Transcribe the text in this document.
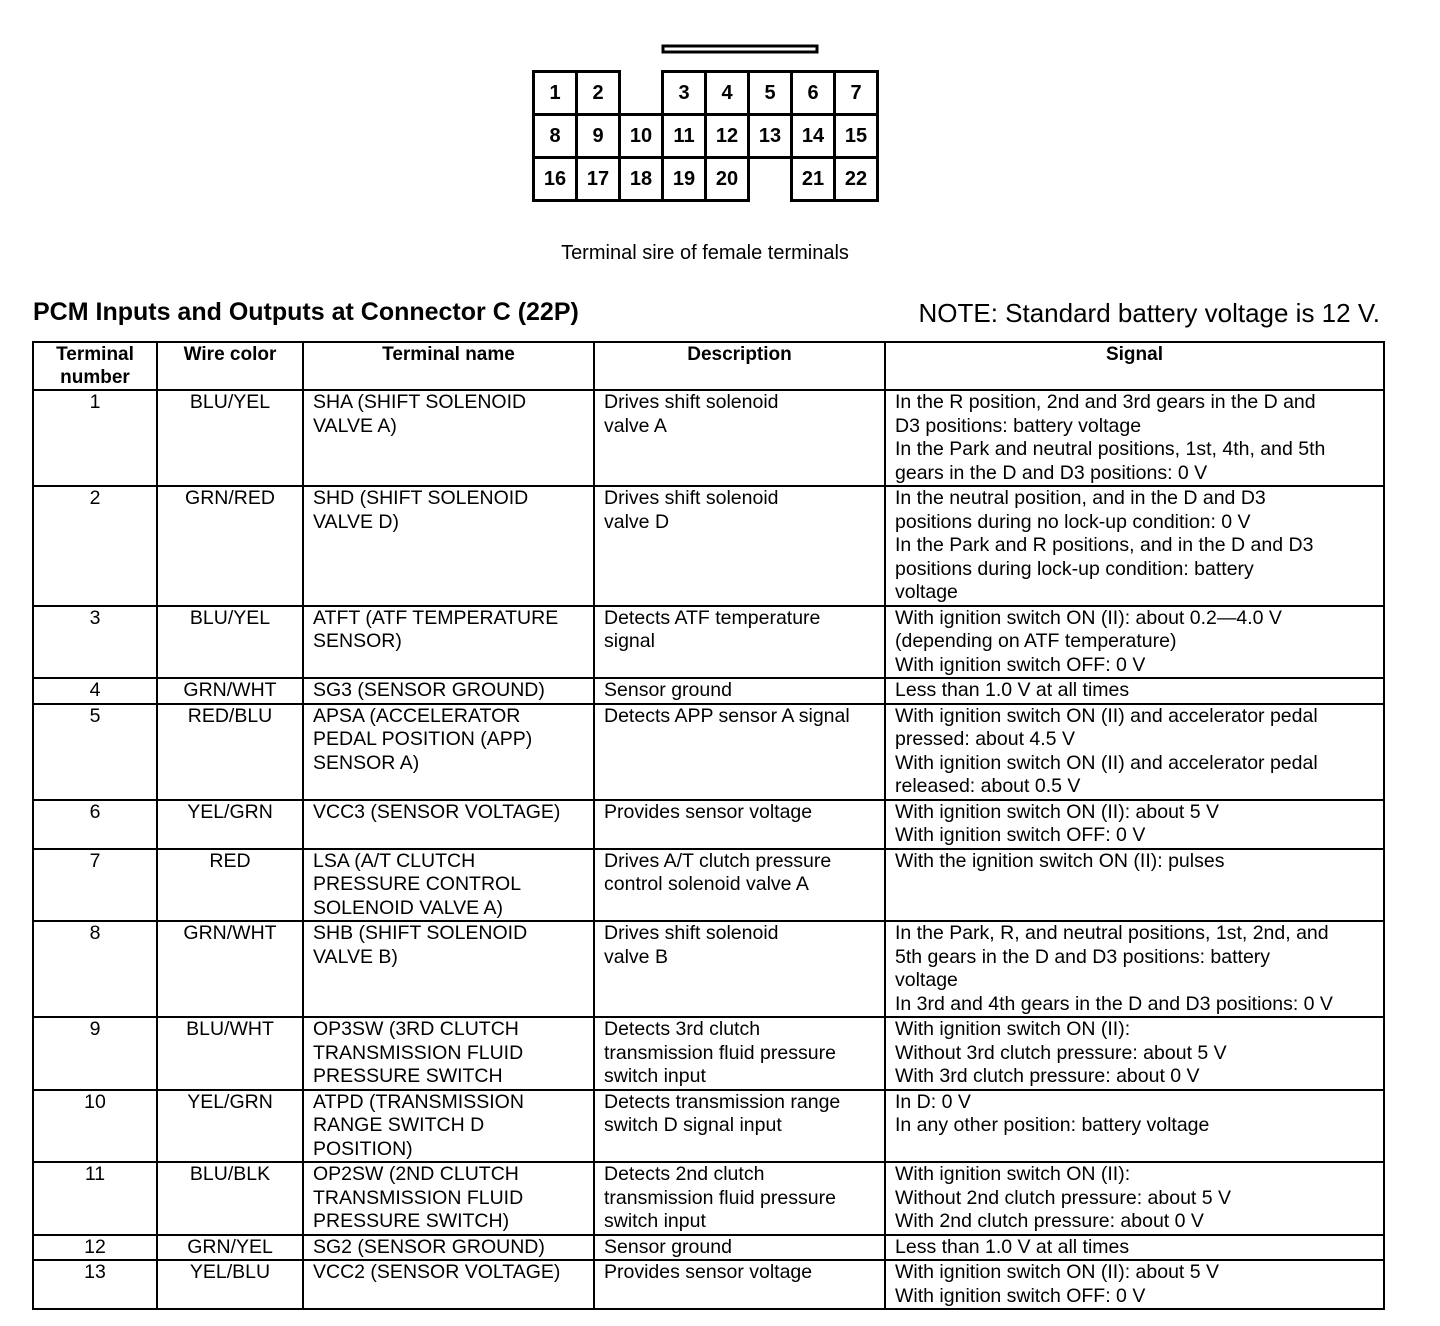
1	2	3	4	5	6	7
8	9	10	11	12	13	14	15
16	17	18	19	20	21	22
Terminal sire of female terminals
PCM Inputs and Outputs at Connector C (22P)	NOTE: Standard battery voltage is 12 V.
Terminal
number	Wire color	Terminal name	Description	Signal
1	BLU/YEL	SHA (SHIFT SOLENOID
VALVE A)	Drives shift solenoid
valve A	In the R position, 2nd and 3rd gears in the D and
D3 positions: battery voltage
In the Park and neutral positions, 1st, 4th, and 5th
gears in the D and D3 positions: 0 V
2	GRN/RED	SHD (SHIFT SOLENOID
VALVE D)	Drives shift solenoid
valve D	In the neutral position, and in the D and D3
positions during no lock-up condition: 0 V
In the Park and R positions, and in the D and D3
positions during lock-up condition: battery
voltage
3	BLU/YEL	ATFT (ATF TEMPERATURE
SENSOR)	Detects ATF temperature
signal	With ignition switch ON (II): about 0.2—4.0 V
(depending on ATF temperature)
With ignition switch OFF: 0 V
4	GRN/WHT	SG3 (SENSOR GROUND)	Sensor ground	Less than 1.0 V at all times
5	RED/BLU	APSA (ACCELERATOR
PEDAL POSITION (APP)
SENSOR A)	Detects APP sensor A signal	With ignition switch ON (II) and accelerator pedal
pressed: about 4.5 V
With ignition switch ON (II) and accelerator pedal
released: about 0.5 V
6	YEL/GRN	VCC3 (SENSOR VOLTAGE)	Provides sensor voltage	With ignition switch ON (II): about 5 V
With ignition switch OFF: 0 V
7	RED	LSA (A/T CLUTCH
PRESSURE CONTROL
SOLENOID VALVE A)	Drives A/T clutch pressure
control solenoid valve A	With the ignition switch ON (II): pulses
8	GRN/WHT	SHB (SHIFT SOLENOID
VALVE B)	Drives shift solenoid
valve B	In the Park, R, and neutral positions, 1st, 2nd, and
5th gears in the D and D3 positions: battery
voltage
In 3rd and 4th gears in the D and D3 positions: 0 V
9	BLU/WHT	OP3SW (3RD CLUTCH
TRANSMISSION FLUID
PRESSURE SWITCH	Detects 3rd clutch
transmission fluid pressure
switch input	With ignition switch ON (II):
Without 3rd clutch pressure: about 5 V
With 3rd clutch pressure: about 0 V
10	YEL/GRN	ATPD (TRANSMISSION
RANGE SWITCH D
POSITION)	Detects transmission range
switch D signal input	In D: 0 V
In any other position: battery voltage
11	BLU/BLK	OP2SW (2ND CLUTCH
TRANSMISSION FLUID
PRESSURE SWITCH)	Detects 2nd clutch
transmission fluid pressure
switch input	With ignition switch ON (II):
Without 2nd clutch pressure: about 5 V
With 2nd clutch pressure: about 0 V
12	GRN/YEL	SG2 (SENSOR GROUND)	Sensor ground	Less than 1.0 V at all times
13	YEL/BLU	VCC2 (SENSOR VOLTAGE)	Provides sensor voltage	With ignition switch ON (II): about 5 V
With ignition switch OFF: 0 V
